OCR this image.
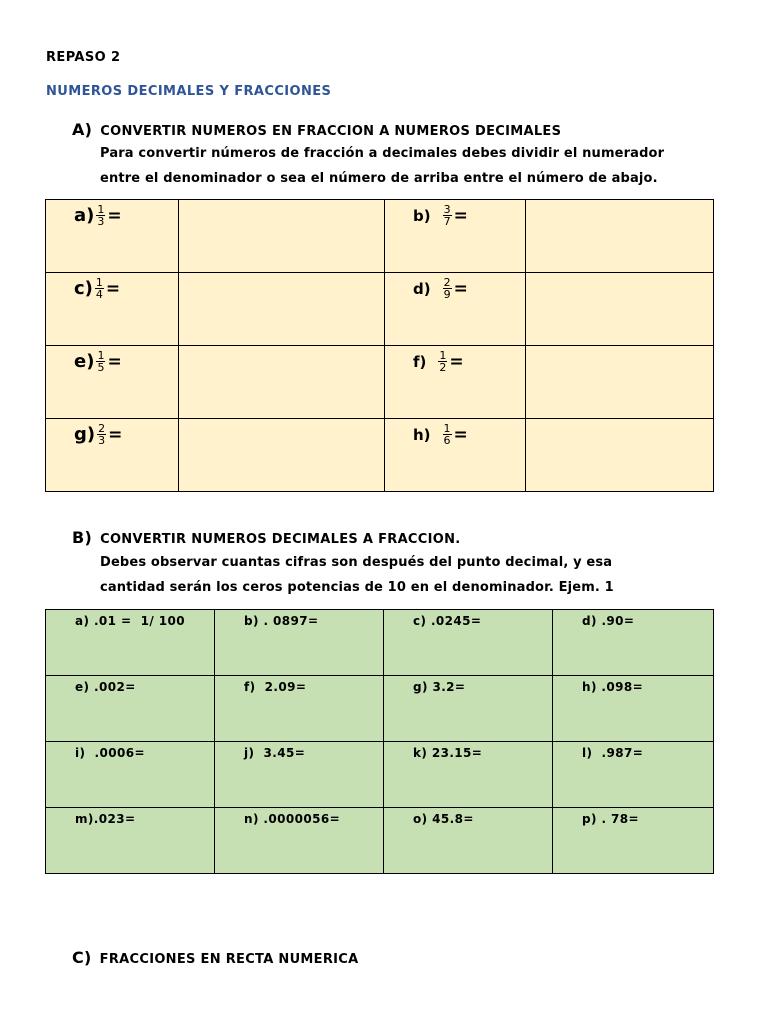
REPASO 2
NUMEROS DECIMALES Y FRACCIONES
A) CONVERTIR NUMEROS EN FRACCION A NUMEROS DECIMALES
Para convertir números de fracción a decimales debes dividir el numerador
entre el denominador o sea el número de arriba entre el número de abajo.
$a) \frac{1}{3}$ =		$b) \frac{3}{7}$ =	

$c) \frac{1}{4}$ =		$d) \frac{2}{9}$ =	

$e) \frac{1}{5}$ =		$f) \frac{1}{2}$ =	

$g) \frac{2}{3}$ =		$h) \frac{1}{6}$ =	

B) CONVERTIR NUMEROS DECIMALES A FRACCION.
Debes observar cuantas cifras son después del punto decimal, y esa
cantidad serán los ceros potencias de 10 en el denominador. Ejem. 1
a) .01 =  1/ 100	b) . 0897=	c) .0245=	d) .90=

e) .002=	f)  2.09=	g) 3.2=	h) .098=

i)  .0006=	j)  3.45=	k) 23.15=	l)  .987=

m).023=	n) .0000056=	o) 45.8=	p) . 78=
C) FRACCIONES EN RECTA NUMERICA
